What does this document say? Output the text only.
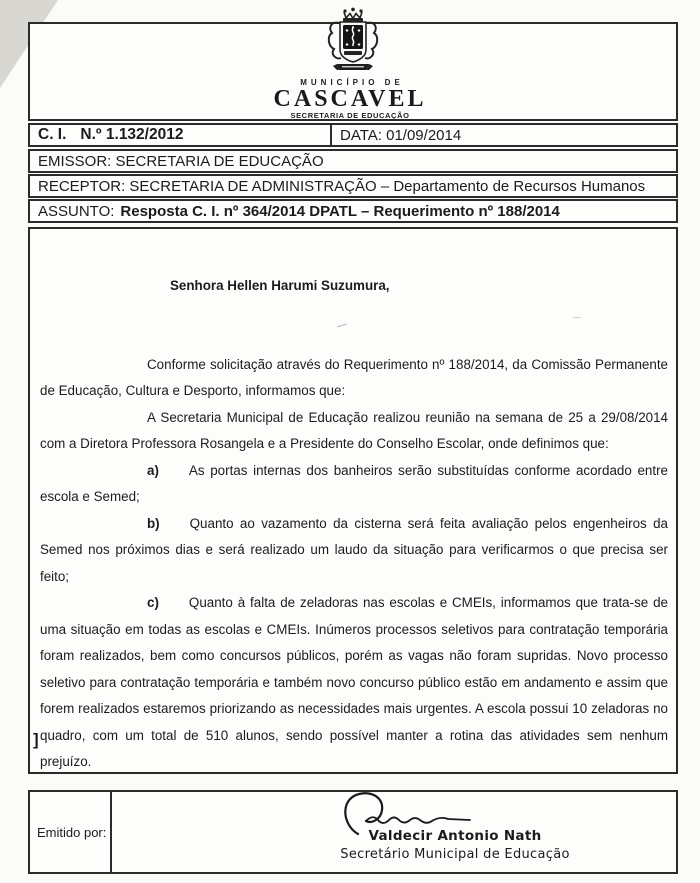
MUNICÍPIO DE
CASCAVEL
SECRETARIA DE EDUCAÇÃO
C. I. N.º 1.132/2012	DATA: 01/09/2014
EMISSOR: SECRETARIA DE EDUCAÇÃO
RECEPTOR: SECRETARIA DE ADMINISTRAÇÃO – Departamento de Recursos Humanos
ASSUNTO: Resposta C. I. nº 364/2014 DPATL – Requerimento nº 188/2014
Senhora Hellen Harumi Suzumura,

Conforme solicitação através do Requerimento nº 188/2014, da Comissão Permanente de Educação, Cultura e Desporto, informamos que:

A Secretaria Municipal de Educação realizou reunião na semana de 25 a 29/08/2014 com a Diretora Professora Rosangela e a Presidente do Conselho Escolar, onde definimos que:

a) As portas internas dos banheiros serão substituídas conforme acordado entre escola e Semed;

b) Quanto ao vazamento da cisterna será feita avaliação pelos engenheiros da Semed nos próximos dias e será realizado um laudo da situação para verificarmos o que precisa ser feito;

c) Quanto à falta de zeladoras nas escolas e CMEIs, informamos que trata-se de uma situação em todas as escolas e CMEIs. Inúmeros processos seletivos para contratação temporária foram realizados, bem como concursos públicos, porém as vagas não foram supridas. Novo processo seletivo para contratação temporária e também novo concurso público estão em andamento e assim que forem realizados estaremos priorizando as necessidades mais urgentes. A escola possui 10 zeladoras no quadro, com um total de 510 alunos, sendo possível manter a rotina das atividades sem nenhum prejuízo.

]
Emitido por:	Valdecir Antonio Nath
Secretário Municipal de Educação
